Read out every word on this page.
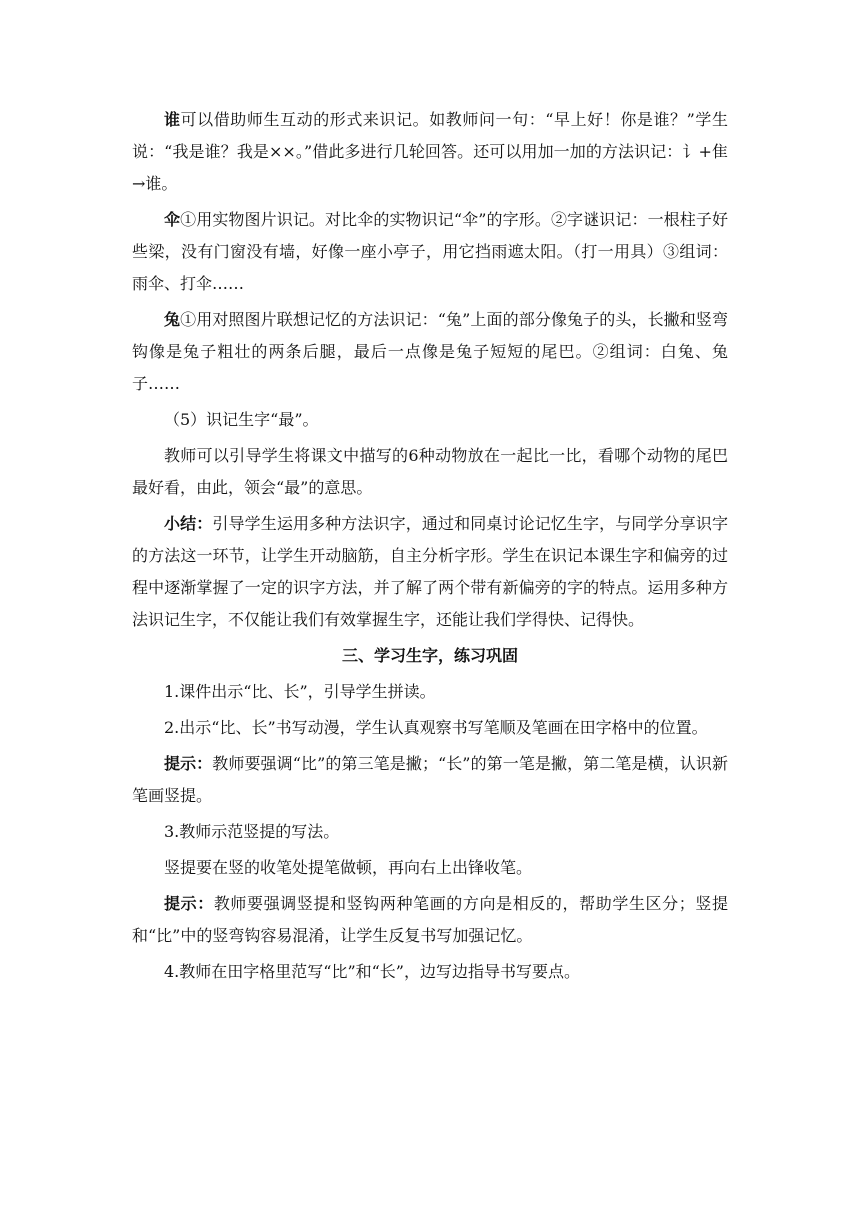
谁可以借助师生互动的形式来识记。如教师问一句：“早上好！你是谁？”学生说：“我是谁？我是××。”借此多进行几轮回答。还可以用加一加的方法识记：讠+隹→谁。

伞①用实物图片识记。对比伞的实物识记“伞”的字形。②字谜识记：一根柱子好些梁，没有门窗没有墙，好像一座小亭子，用它挡雨遮太阳。（打一用具）③组词：雨伞、打伞……

兔①用对照图片联想记忆的方法识记：“兔”上面的部分像兔子的头，长撇和竖弯钩像是兔子粗壮的两条后腿，最后一点像是兔子短短的尾巴。②组词：白兔、兔子……

（5）识记生字“最”。

教师可以引导学生将课文中描写的6种动物放在一起比一比，看哪个动物的尾巴最好看，由此，领会“最”的意思。

小结：引导学生运用多种方法识字，通过和同桌讨论记忆生字，与同学分享识字的方法这一环节，让学生开动脑筋，自主分析字形。学生在识记本课生字和偏旁的过程中逐渐掌握了一定的识字方法，并了解了两个带有新偏旁的字的特点。运用多种方法识记生字，不仅能让我们有效掌握生字，还能让我们学得快、记得快。

三、学习生字，练习巩固

1.课件出示“比、长”，引导学生拼读。

2.出示“比、长”书写动漫，学生认真观察书写笔顺及笔画在田字格中的位置。

提示：教师要强调“比”的第三笔是撇；“长”的第一笔是撇，第二笔是横，认识新笔画竖提。

3.教师示范竖提的写法。

竖提要在竖的收笔处提笔做顿，再向右上出锋收笔。

提示：教师要强调竖提和竖钩两种笔画的方向是相反的，帮助学生区分；竖提和“比”中的竖弯钩容易混淆，让学生反复书写加强记忆。

4.教师在田字格里范写“比”和“长”，边写边指导书写要点。
